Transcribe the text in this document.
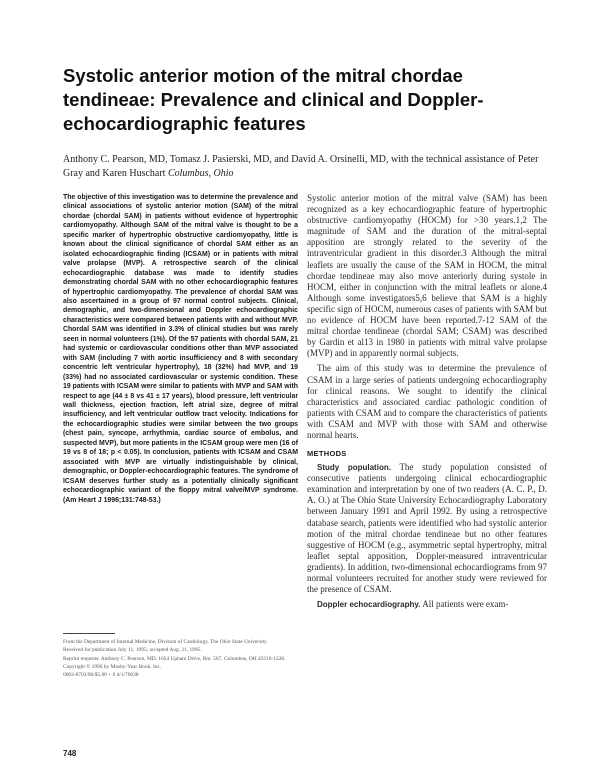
Systolic anterior motion of the mitral chordae tendineae: Prevalence and clinical and Doppler-echocardiographic features
Anthony C. Pearson, MD, Tomasz J. Pasierski, MD, and David A. Orsinelli, MD, with the technical assistance of Peter Gray and Karen Huschart Columbus, Ohio

The objective of this investigation was to determine the prevalence and clinical associations of systolic anterior motion (SAM) of the mitral chordae (chordal SAM) in patients without evidence of hypertrophic cardiomyopathy. Although SAM of the mitral valve is thought to be a specific marker of hypertrophic obstructive cardiomyopathy, little is known about the clinical significance of chordal SAM either as an isolated echocardiographic finding (ICSAM) or in patients with mitral valve prolapse (MVP). A retrospective search of the clinical echocardiographic database was made to identify studies demonstrating chordal SAM with no other echocardiographic features of hypertrophic cardiomyopathy. The prevalence of chordal SAM was also ascertained in a group of 97 normal control subjects. Clinical, demographic, and two-dimensional and Doppler echocardiographic characteristics were compared between patients with and without MVP. Chordal SAM was identified in 3.3% of clinical studies but was rarely seen in normal volunteers (1%). Of the 57 patients with chordal SAM, 21 had systemic or cardiovascular conditions other than MVP associated with SAM (including 7 with aortic insufficiency and 8 with secondary concentric left ventricular hypertrophy), 18 (32%) had MVP, and 19 (33%) had no associated cardiovascular or systemic condition. These 19 patients with ICSAM were similar to patients with MVP and SAM with respect to age (44 ± 8 vs 41 ± 17 years), blood pressure, left ventricular wall thickness, ejection fraction, left atrial size, degree of mitral insufficiency, and left ventricular outflow tract velocity. Indications for the echocardiographic studies were similar between the two groups (chest pain, syncope, arrhythmia, cardiac source of embolus, and suspected MVP), but more patients in the ICSAM group were men (16 of 19 vs 8 of 18; p < 0.05). In conclusion, patients with ICSAM and CSAM associated with MVP are virtually indistinguishable by clinical, demographic, or Doppler-echocardiographic features. The syndrome of ICSAM deserves further study as a potentially clinically significant echocardiographic variant of the floppy mitral valve/MVP syndrome. (Am Heart J 1996;131:748-53.)

Systolic anterior motion of the mitral valve (SAM) has been recognized as a key echocardiographic feature of hypertrophic obstructive cardiomyopathy (HOCM) for >30 years.1,2 The magnitude of SAM and the duration of the mitral-septal apposition are strongly related to the severity of the intraventricular gradient in this disorder.3 Although the mitral leaflets are usually the cause of the SAM in HOCM, the mitral chordae tendineae may also move anteriorly during systole in HOCM, either in conjunction with the mitral leaflets or alone.4 Although some investigators5,6 believe that SAM is a highly specific sign of HOCM, numerous cases of patients with SAM but no evidence of HOCM have been reported.7-12 SAM of the mitral chordae tendineae (chordal SAM; CSAM) was described by Gardin et al13 in 1980 in patients with mitral valve prolapse (MVP) and in apparently normal subjects.

The aim of this study was to determine the prevalence of CSAM in a large series of patients undergoing echocardiography for clinical reasons. We sought to identify the clinical characteristics and associated cardiac pathologic condition of patients with CSAM and to compare the characteristics of patients with CSAM and MVP with those with SAM and otherwise normal hearts.

METHODS

Study population. The study population consisted of consecutive patients undergoing clinical echocardiographic examination and interpretation by one of two readers (A. C. P., D. A. O.) at The Ohio State University Echocardiography Laboratory between January 1991 and April 1992. By using a retrospective database search, patients were identified who had systolic anterior motion of the mitral chordae tendineae but no other features suggestive of HOCM (e.g., asymmetric septal hypertrophy, mitral leaflet septal apposition, Doppler-measured intraventricular gradients). In addition, two-dimensional echocardiograms from 97 normal volunteers recruited for another study were reviewed for the presence of CSAM.

Doppler echocardiography. All patients were exam-

From the Department of Internal Medicine, Division of Cardiology, The Ohio State University.
Received for publication July 11, 1995; accepted Aug. 21, 1995.
Reprint requests: Anthony C. Pearson, MD, 1654 Upham Drive, Rm. 567, Columbus, OH 43210-1228.
Copyright © 1996 by Mosby-Year Book, Inc.
0002-8703/96/$5.00 + 0 4/1/70038
748
